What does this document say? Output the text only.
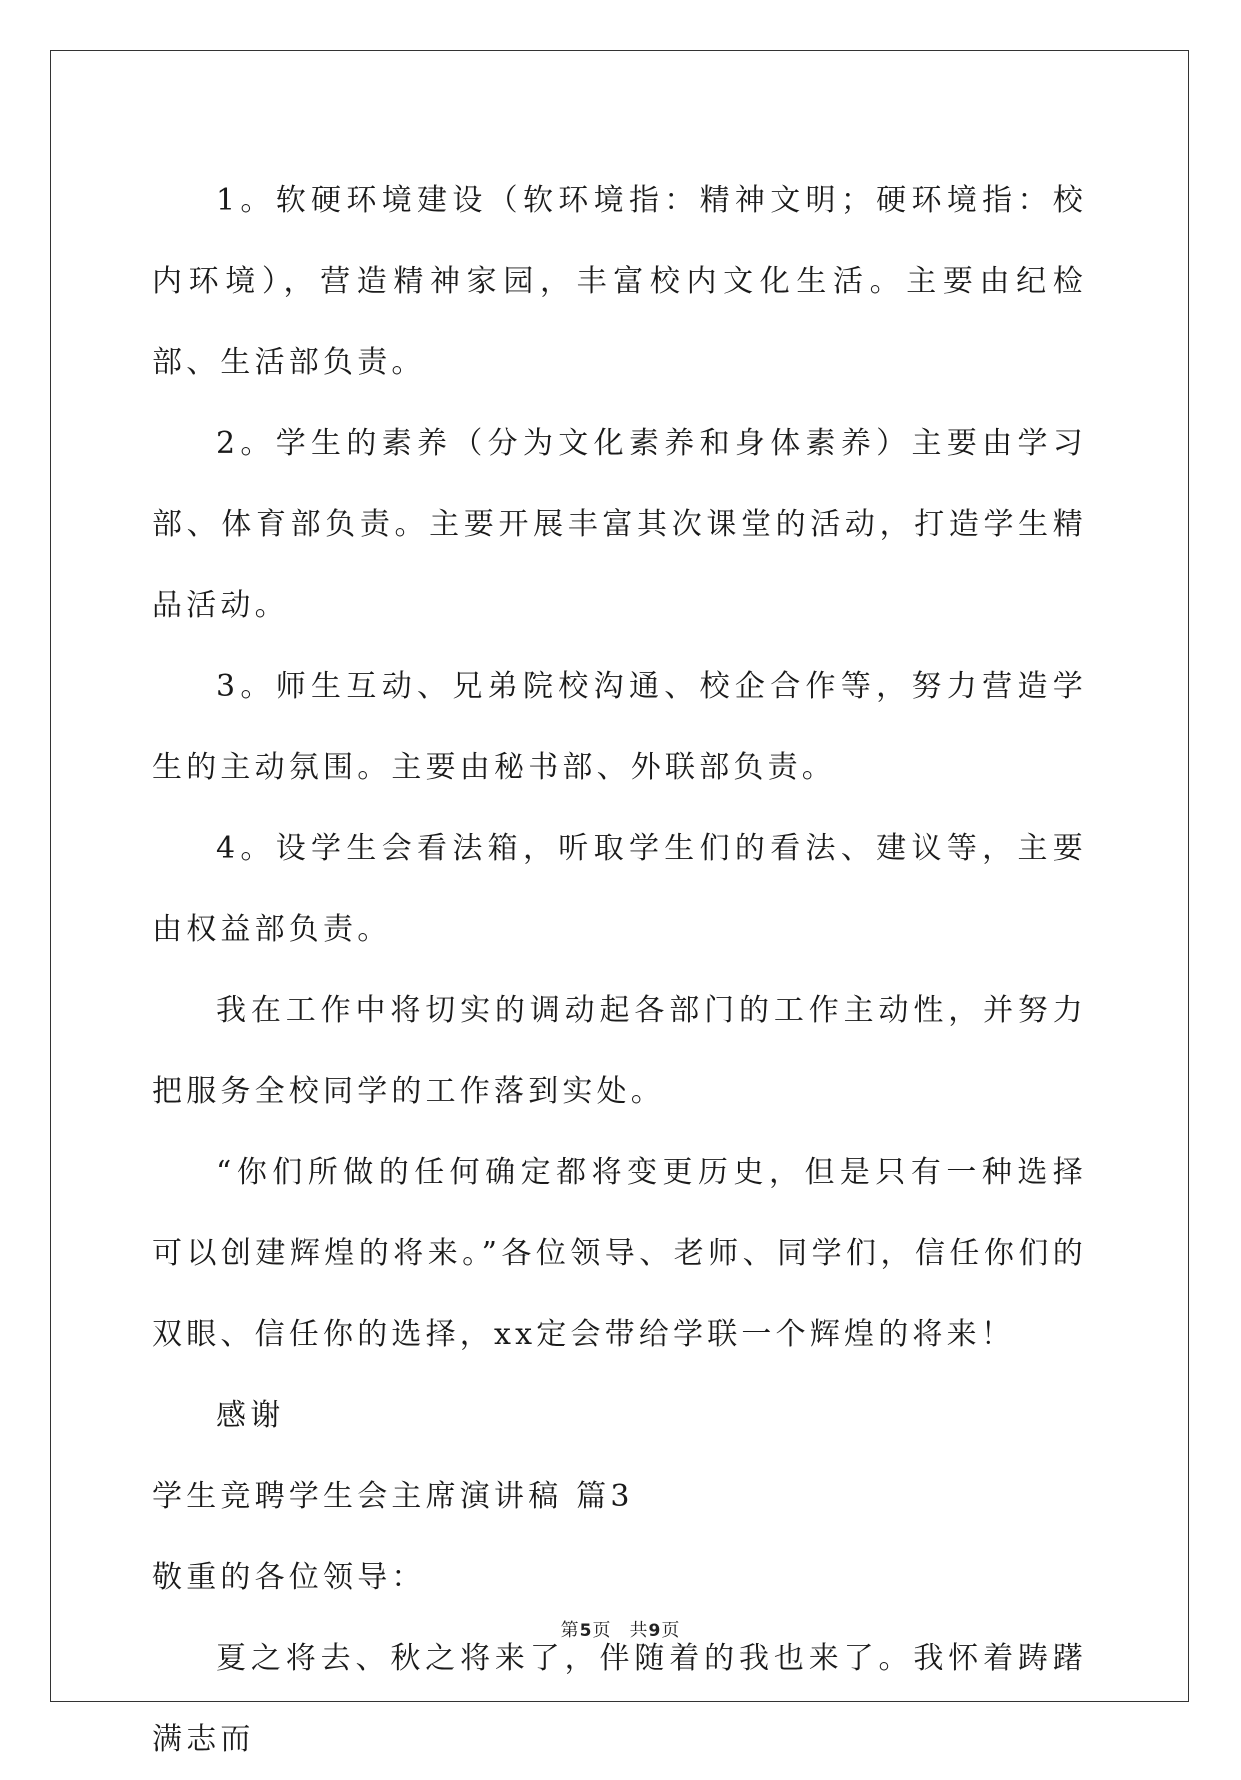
1。软硬环境建设（软环境指：精神文明；硬环境指：校内环境），营造精神家园，丰富校内文化生活。主要由纪检部、生活部负责。

2。学生的素养（分为文化素养和身体素养）主要由学习部、体育部负责。主要开展丰富其次课堂的活动，打造学生精品活动。

3。师生互动、兄弟院校沟通、校企合作等，努力营造学生的主动氛围。主要由秘书部、外联部负责。

4。设学生会看法箱，听取学生们的看法、建议等，主要由权益部负责。

我在工作中将切实的调动起各部门的工作主动性，并努力把服务全校同学的工作落到实处。

“你们所做的任何确定都将变更历史，但是只有一种选择可以创建辉煌的将来。”各位领导、老师、同学们，信任你们的双眼、信任你的选择，xx定会带给学联一个辉煌的将来！

感谢

学生竞聘学生会主席演讲稿 篇3

敬重的各位领导：

夏之将去、秋之将来了，伴随着的我也来了。我怀着踌躇满志而

第5页 共9页
